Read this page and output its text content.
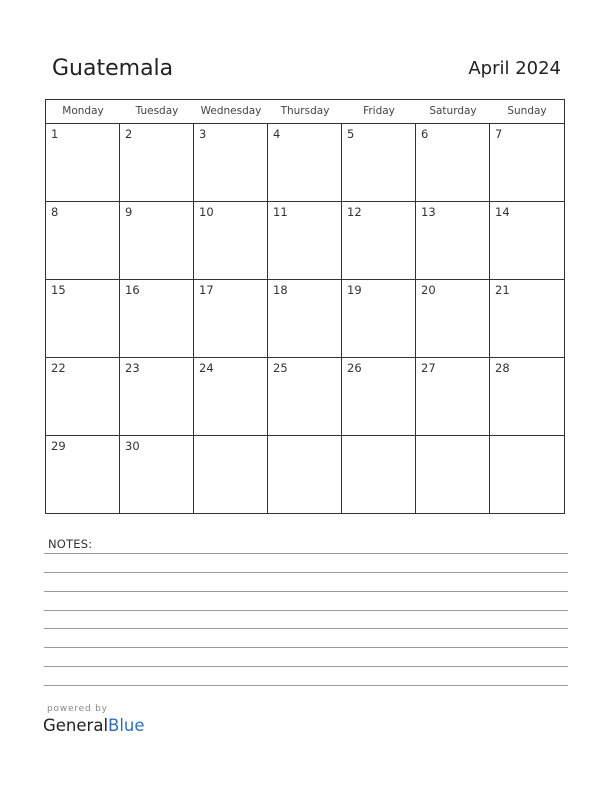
Guatemala	April 2024
Monday	Tuesday	Wednesday	Thursday	Friday	Saturday	Sunday
1	2	3	4	5	6	7
8	9	10	11	12	13	14
15	16	17	18	19	20	21
22	23	24	25	26	27	28
29	30
NOTES:
powered by
GeneralBlue
